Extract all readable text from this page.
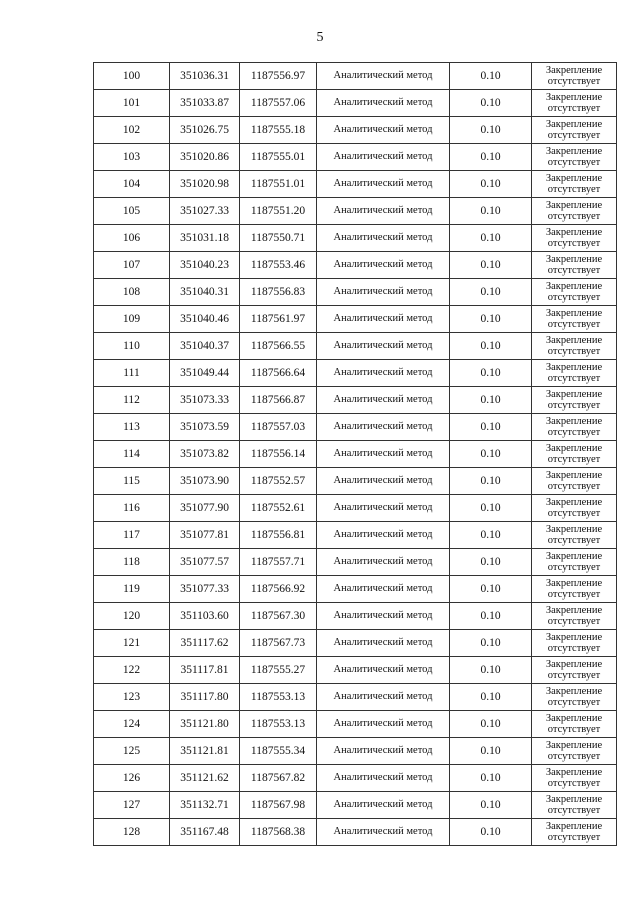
5
100	351036.31	1187556.97	Аналитический метод	0.10	Закрепление отсутствует
101	351033.87	1187557.06	Аналитический метод	0.10	Закрепление отсутствует
102	351026.75	1187555.18	Аналитический метод	0.10	Закрепление отсутствует
103	351020.86	1187555.01	Аналитический метод	0.10	Закрепление отсутствует
104	351020.98	1187551.01	Аналитический метод	0.10	Закрепление отсутствует
105	351027.33	1187551.20	Аналитический метод	0.10	Закрепление отсутствует
106	351031.18	1187550.71	Аналитический метод	0.10	Закрепление отсутствует
107	351040.23	1187553.46	Аналитический метод	0.10	Закрепление отсутствует
108	351040.31	1187556.83	Аналитический метод	0.10	Закрепление отсутствует
109	351040.46	1187561.97	Аналитический метод	0.10	Закрепление отсутствует
110	351040.37	1187566.55	Аналитический метод	0.10	Закрепление отсутствует
111	351049.44	1187566.64	Аналитический метод	0.10	Закрепление отсутствует
112	351073.33	1187566.87	Аналитический метод	0.10	Закрепление отсутствует
113	351073.59	1187557.03	Аналитический метод	0.10	Закрепление отсутствует
114	351073.82	1187556.14	Аналитический метод	0.10	Закрепление отсутствует
115	351073.90	1187552.57	Аналитический метод	0.10	Закрепление отсутствует
116	351077.90	1187552.61	Аналитический метод	0.10	Закрепление отсутствует
117	351077.81	1187556.81	Аналитический метод	0.10	Закрепление отсутствует
118	351077.57	1187557.71	Аналитический метод	0.10	Закрепление отсутствует
119	351077.33	1187566.92	Аналитический метод	0.10	Закрепление отсутствует
120	351103.60	1187567.30	Аналитический метод	0.10	Закрепление отсутствует
121	351117.62	1187567.73	Аналитический метод	0.10	Закрепление отсутствует
122	351117.81	1187555.27	Аналитический метод	0.10	Закрепление отсутствует
123	351117.80	1187553.13	Аналитический метод	0.10	Закрепление отсутствует
124	351121.80	1187553.13	Аналитический метод	0.10	Закрепление отсутствует
125	351121.81	1187555.34	Аналитический метод	0.10	Закрепление отсутствует
126	351121.62	1187567.82	Аналитический метод	0.10	Закрепление отсутствует
127	351132.71	1187567.98	Аналитический метод	0.10	Закрепление отсутствует
128	351167.48	1187568.38	Аналитический метод	0.10	Закрепление отсутствует
